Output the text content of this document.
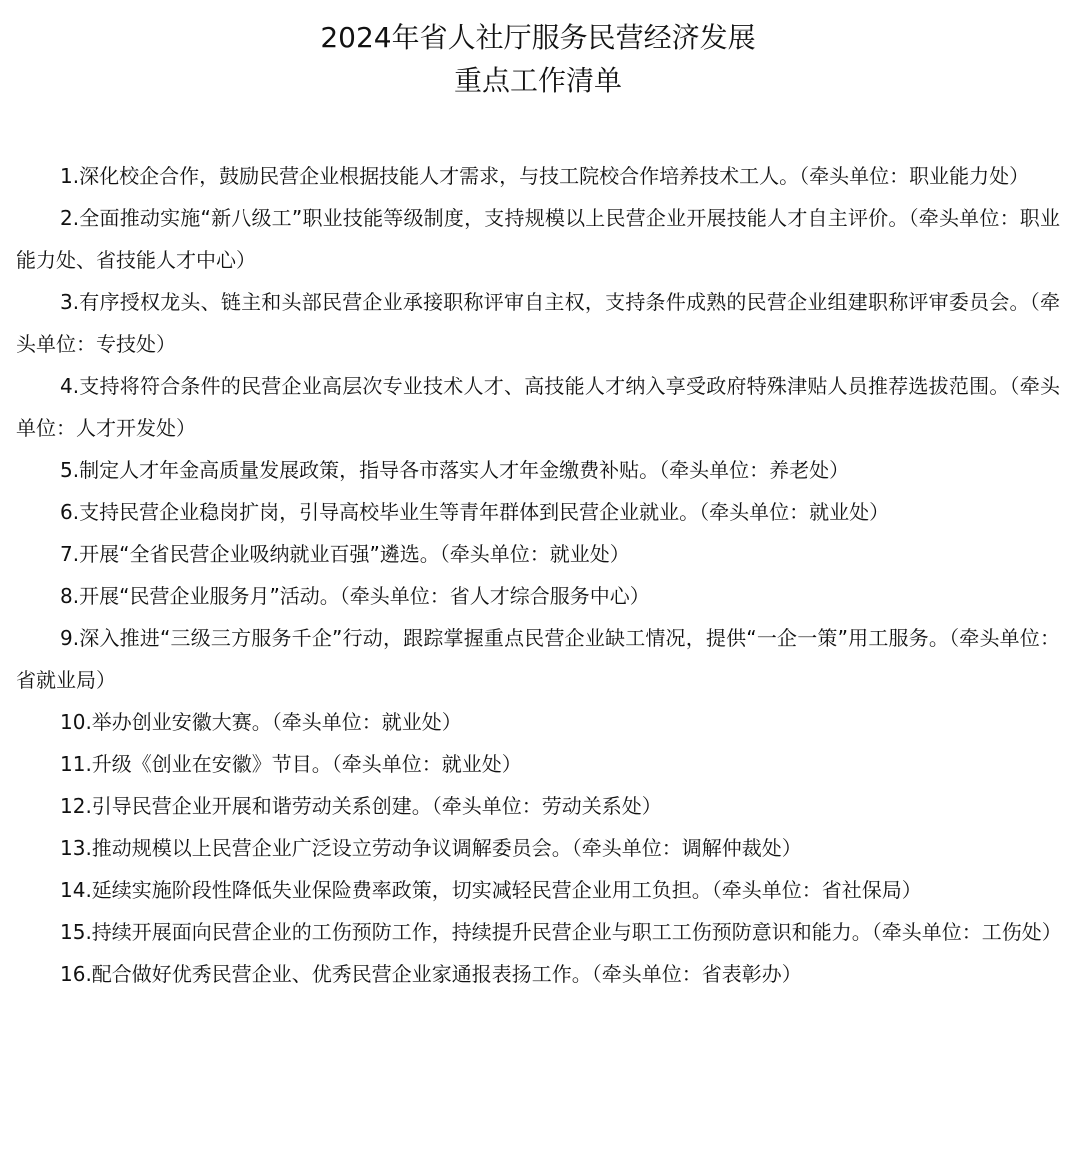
2024年省人社厅服务民营经济发展
重点工作清单

1.深化校企合作，鼓励民营企业根据技能人才需求，与技工院校合作培养技术工人。（牵头单位：职业能力处）

2.全面推动实施“新八级工”职业技能等级制度，支持规模以上民营企业开展技能人才自主评价。（牵头单位：职业能力处、省技能人才中心）

3.有序授权龙头、链主和头部民营企业承接职称评审自主权，支持条件成熟的民营企业组建职称评审委员会。（牵头单位：专技处）

4.支持将符合条件的民营企业高层次专业技术人才、高技能人才纳入享受政府特殊津贴人员推荐选拔范围。（牵头单位：人才开发处）

5.制定人才年金高质量发展政策，指导各市落实人才年金缴费补贴。（牵头单位：养老处）

6.支持民营企业稳岗扩岗，引导高校毕业生等青年群体到民营企业就业。（牵头单位：就业处）

7.开展“全省民营企业吸纳就业百强”遴选。（牵头单位：就业处）

8.开展“民营企业服务月”活动。（牵头单位：省人才综合服务中心）

9.深入推进“三级三方服务千企”行动，跟踪掌握重点民营企业缺工情况，提供“一企一策”用工服务。（牵头单位：省就业局）

10.举办创业安徽大赛。（牵头单位：就业处）

11.升级《创业在安徽》节目。（牵头单位：就业处）

12.引导民营企业开展和谐劳动关系创建。（牵头单位：劳动关系处）

13.推动规模以上民营企业广泛设立劳动争议调解委员会。（牵头单位：调解仲裁处）

14.延续实施阶段性降低失业保险费率政策，切实减轻民营企业用工负担。（牵头单位：省社保局）

15.持续开展面向民营企业的工伤预防工作，持续提升民营企业与职工工伤预防意识和能力。（牵头单位：工伤处）

16.配合做好优秀民营企业、优秀民营企业家通报表扬工作。（牵头单位：省表彰办）
